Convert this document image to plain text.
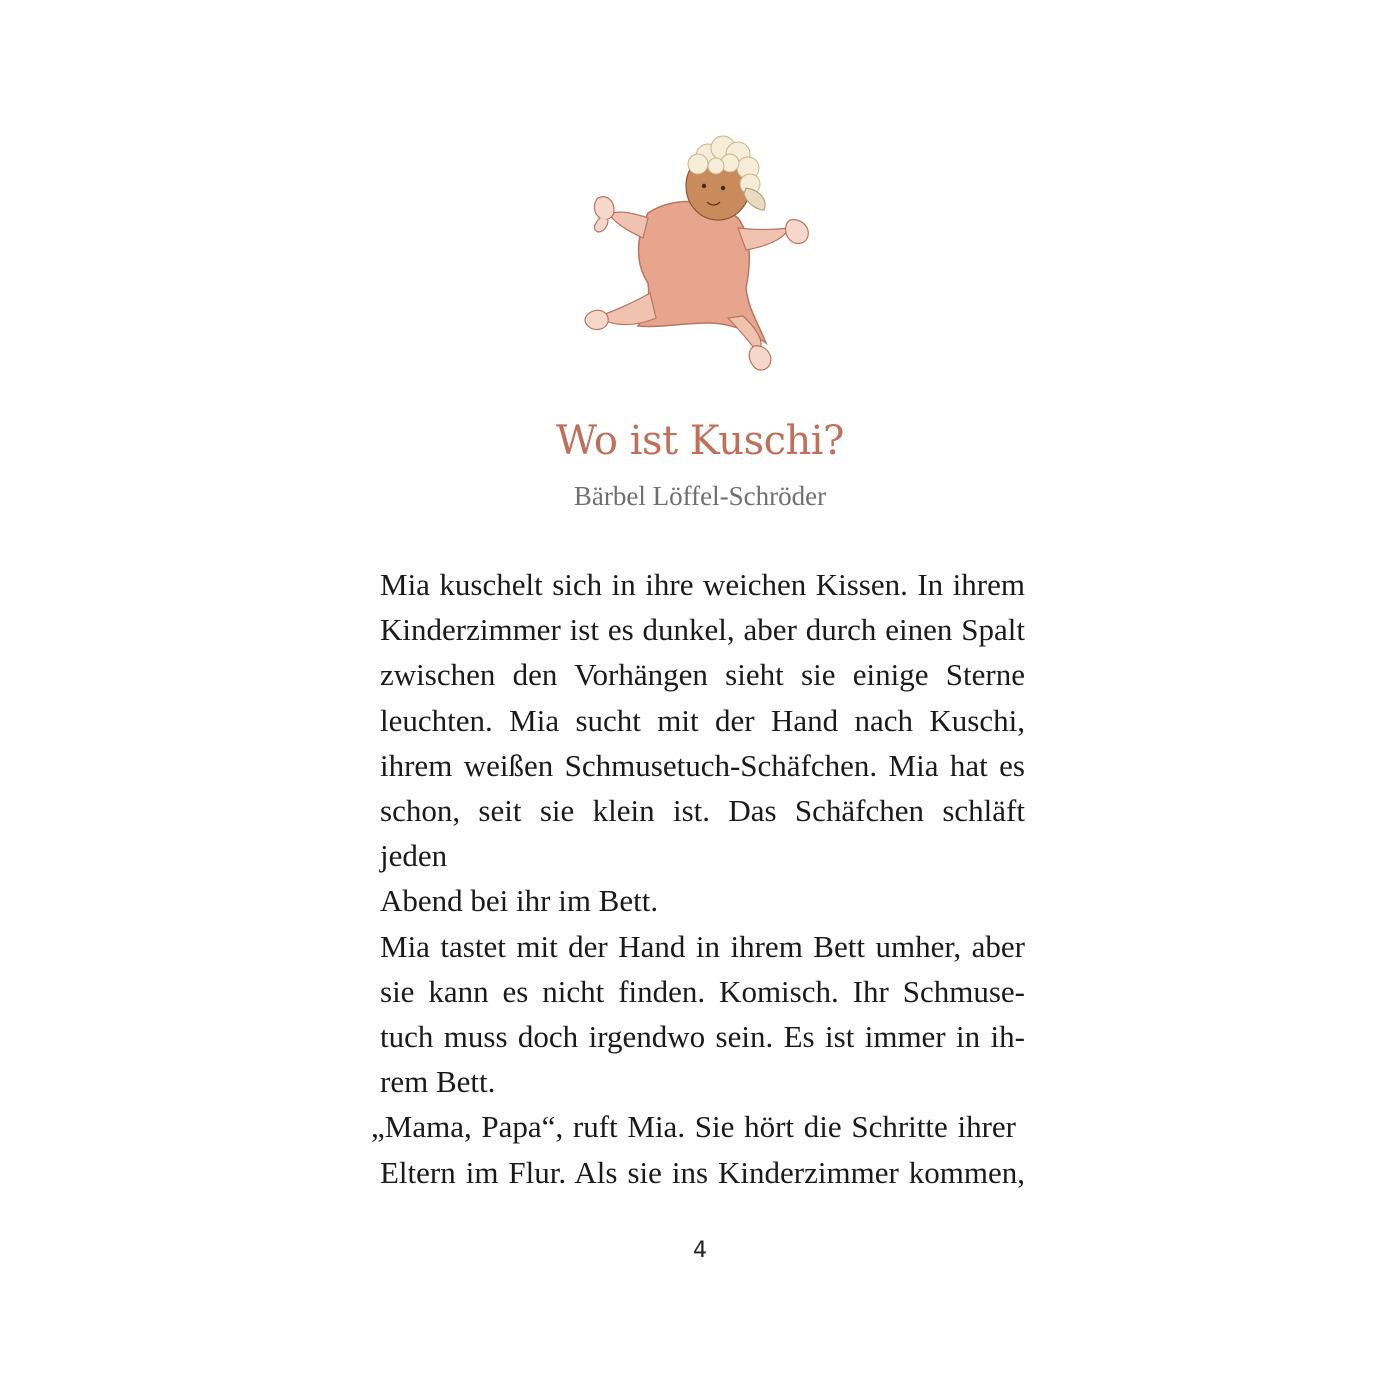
Wo ist Kuschi?
Bärbel Löffel-Schröder
Mia kuschelt sich in ihre weichen Kissen. In ihrem
Kinderzimmer ist es dunkel, aber durch einen Spalt
zwischen den Vorhängen sieht sie einige Sterne
leuchten. Mia sucht mit der Hand nach Kuschi,
ihrem weißen Schmusetuch-Schäfchen. Mia hat es
schon, seit sie klein ist. Das Schäfchen schläft jeden
Abend bei ihr im Bett.
Mia tastet mit der Hand in ihrem Bett umher, aber
sie kann es nicht finden. Komisch. Ihr Schmuse-
tuch muss doch irgendwo sein. Es ist immer in ih-
rem Bett.
„Mama, Papa“, ruft Mia. Sie hört die Schritte ihrer
Eltern im Flur. Als sie ins Kinderzimmer kommen,
4
